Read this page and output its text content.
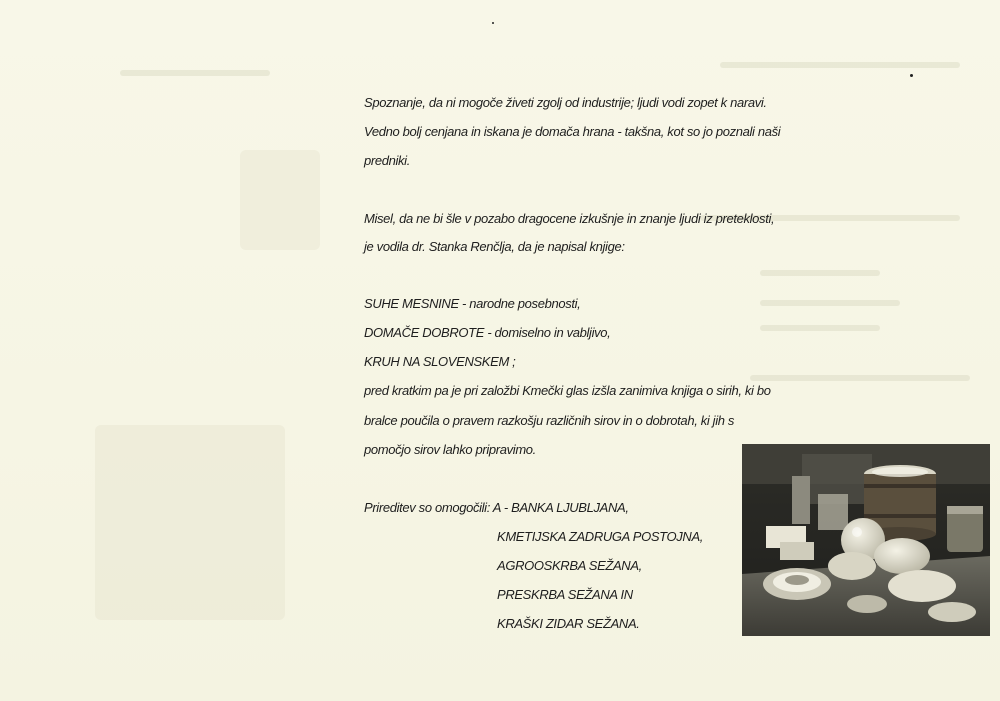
Spoznanje, da ni mogoče živeti zgolj od industrije; ljudi vodi zopet k naravi.
Vedno bolj cenjana in iskana je domača hrana - takšna, kot so jo poznali naši
predniki.
Misel, da ne bi šle v pozabo dragocene izkušnje in znanje ljudi iz preteklosti,
je vodila dr. Stanka Renčlja, da je napisal knjige:
SUHE MESNINE - narodne posebnosti,
DOMAČE DOBROTE - domiselno in vabljivo,
KRUH NA SLOVENSKEM ;
pred kratkim pa je pri založbi Kmečki glas izšla zanimiva knjiga o sirih, ki bo
bralce poučila o pravem razkošju različnih sirov in o dobrotah, ki jih s
pomočjo sirov lahko pripravimo.
Prireditev so omogočili: A - BANKA LJUBLJANA,
KMETIJSKA ZADRUGA POSTOJNA,
AGROOSKRBA SEŽANA,
PRESKRBA SEŽANA IN
KRAŠKI ZIDAR SEŽANA.
